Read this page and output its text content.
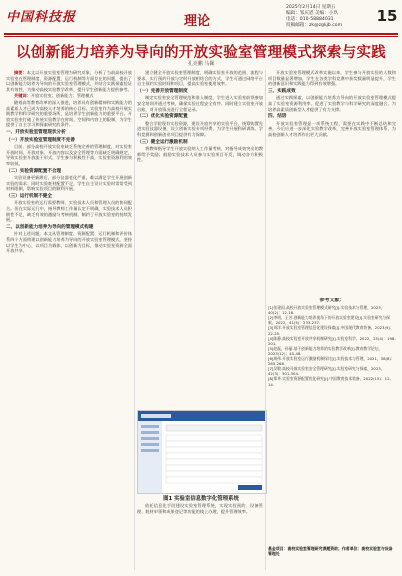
中国科技报	理论
2025年2月14日 星期五
编辑：邹庆恩 美编：小玖
电话：010-58884031
投稿邮箱：zk@zgkjb.com
15
以创新能力培养为导向的开放实验室管理模式探索与实践
孔亮鹏 马佩

摘要：本文以开放实验室管理为研究对象，分析了当前高校开放实验室在管理制度、资源配置、运行机制等方面存在的问题，提出了以创新能力培养为导向的开放实验室管理模式，并结合实践探索验证其有效性，为推动高校实验教学改革、提升学生创新能力提供参考。

关键词：开放实验室；创新能力；管理模式

随着高等教育改革的深入推进，培养具有创新精神和实践能力的高素质人才已成为高校人才培养的核心目标。实验室作为高校开展实践教学和科学研究的重要场所，是培养学生创新能力的重要平台。开放实验室打破了传统实验教学在时间、空间和内容上的限制，为学生提供了自主学习和探索研究的条件。

一、开放实验室管理现状分析
（一）开放实验室管理制度不完善

目前，部分高校开放实验室缺乏系统完善的管理制度，对实验室开放时间、开放对象、开放内容以及安全管理等方面缺乏明确规定，导致实验室开放流于形式，学生参与积极性不高，实验室资源利用效率较低。

（二）实验资源配置不合理

实验设备更新滞后，部分仪器老化严重，难以满足学生开展创新实验的需求；同时实验耗材配置不足，学生自主设计实验时常常受到材料限制，影响实验项目的顺利开展。

（三）运行机制不健全

开放实验室的运行需要教师、实验技术人员和管理人员的协同配合。但在实际运行中，指导教师工作量认定不明确，实验技术人员积极性不足，缺乏有效的激励与考核机制，制约了开放实验室的持续发展。

二、以创新能力培养为导向的管理模式构建

针对上述问题，本文从管理制度、资源配置、运行机制和评价体系四个方面构建以创新能力培养为导向的开放实验室管理模式，坚持以学生为中心，以项目为载体，以创新为目标，推动实验室资源全面开放共享。

建立健全开放实验室管理制度，明确实验室开放的范围、流程与要求。实行预约开放与定时开放相结合的方式，学生可通过网络平台自主预约实验时间和项目，提高实验室使用效率。

（一）完善开放管理制度

制定实验室安全管理规范和准入制度，学生进入实验室前须参加安全培训并通过考核，确保实验过程安全有序。同时建立实验室开放台账，对开放情况进行全程记录。

（二）优化实验资源配置

整合学院现有实验资源，建设开放共享的实验平台，统筹购置先进实验仪器设备，设立创新实验专项经费，为学生开展科研训练、学科竞赛和创新创业项目提供有力保障。

（三）健全运行激励机制

将教师指导学生开放实验纳入工作量考核，对指导成效突出的教师给予奖励；鼓励实验技术人员参与实验项目开发，调动各方积极性。

图1 实验室信息数字化管理系统

依托信息化手段建设实验室管理系统，实现实验预约、设备管理、耗材申领和成果登记等功能的线上办理，提升管理效率。

开放实验室管理模式改革实施以来，学生参与开放实验的人数和项目数量显著增加，学生在各类学科竞赛中获奖数量明显提升，学生的创新意识和实践能力得到有效增强。

三、实践成效

通过实践探索，以创新能力培养为导向的开放实验室管理模式提高了实验室资源利用率，促进了实验教学与科学研究的深度融合，为培养高素质创新型人才提供了有力支撑。

四、结语

开放实验室管理是一项系统工程，需要在实践中不断总结和完善。今后应进一步深化实验教学改革，完善开放实验室管理体系，为高校创新人才培养作出更大贡献。

参考文献：
[1]张建国.高校开放实验室管理模式研究[J].实验技术与管理，2023，40(2)：12-16.
[2]李明，王芳.创新能力培养视角下的开放实验室建设[J].实验室研究与探索，2022，41(5)：233-237.
[3]刘洋.开放实验室管理信息化建设探索[J].中国现代教育装备，2023(9)：22-25.
[4]陈静.高校实验室开放共享机制研究[J].实验室科学，2022，25(4)：198-201.
[5]赵磊，孙丽.基于创新能力培养的实验教学改革[J].教育教学论坛，2023(12)：45-48.
[6]周伟.开放实验室运行激励机制探讨[J].实验技术与管理，2021，38(8)：265-268.
[7]吴敏.高校开放实验室安全管理研究[J].实验室研究与探索，2023，42(3)：301-304.
[8]郑华.实验室资源配置优化研究[J].中国教育技术装备，2022(15)：12-14.
基金项目：高校实验室管理研究课题资助；作者单位：高校实验室与设备管理处
